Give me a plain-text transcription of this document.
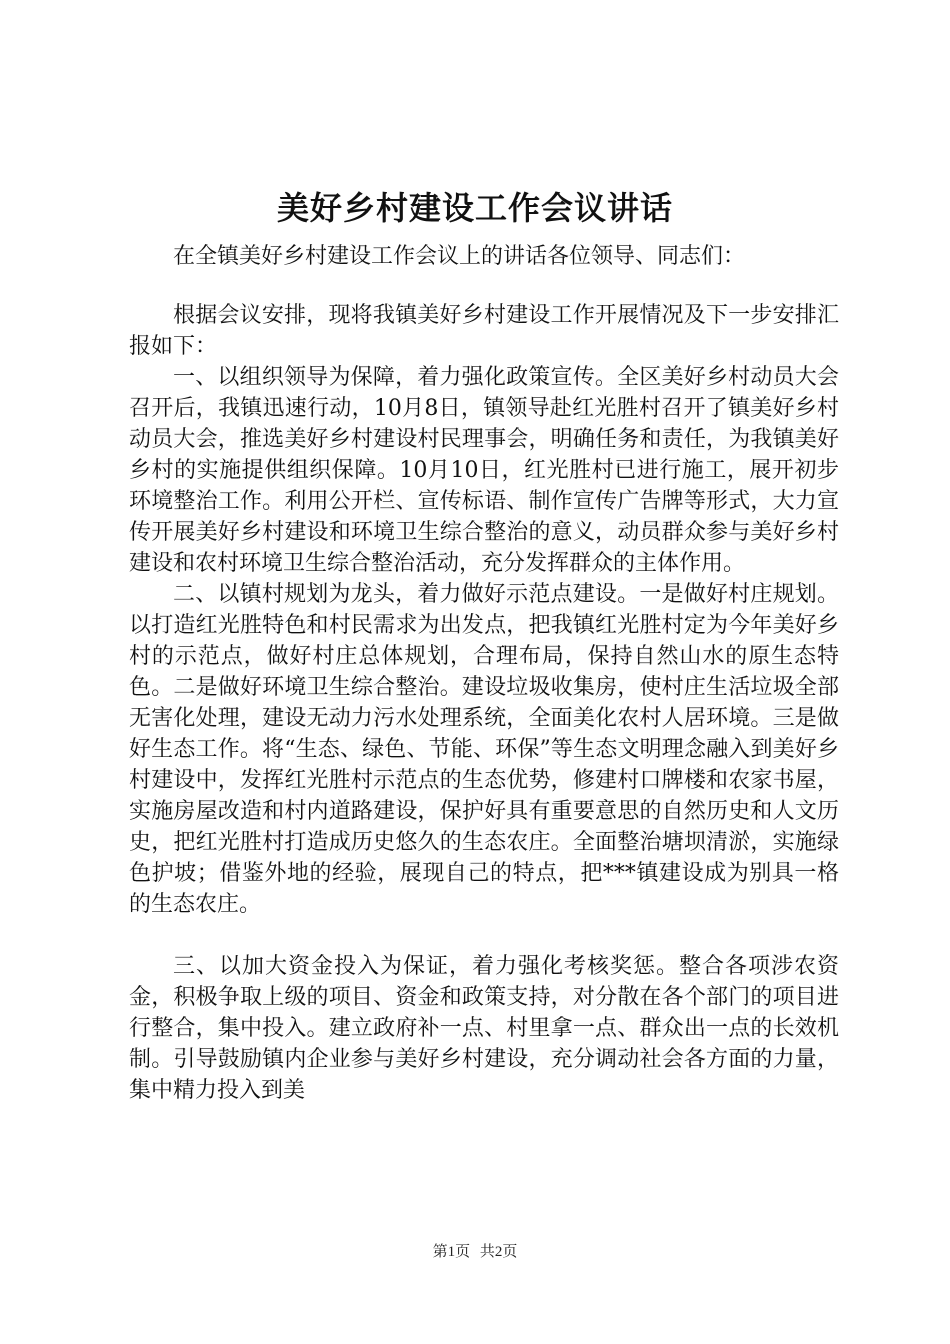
美好乡村建设工作会议讲话

在全镇美好乡村建设工作会议上的讲话各位领导、同志们：

根据会议安排，现将我镇美好乡村建设工作开展情况及下一步安排汇报如下：

一、以组织领导为保障，着力强化政策宣传。全区美好乡村动员大会召开后，我镇迅速行动，10月8日，镇领导赴红光胜村召开了镇美好乡村动员大会，推选美好乡村建设村民理事会，明确任务和责任，为我镇美好乡村的实施提供组织保障。10月10日，红光胜村已进行施工，展开初步环境整治工作。利用公开栏、宣传标语、制作宣传广告牌等形式，大力宣传开展美好乡村建设和环境卫生综合整治的意义，动员群众参与美好乡村建设和农村环境卫生综合整治活动，充分发挥群众的主体作用。

二、以镇村规划为龙头，着力做好示范点建设。一是做好村庄规划。以打造红光胜特色和村民需求为出发点，把我镇红光胜村定为今年美好乡村的示范点，做好村庄总体规划，合理布局，保持自然山水的原生态特色。二是做好环境卫生综合整治。建设垃圾收集房，使村庄生活垃圾全部无害化处理，建设无动力污水处理系统，全面美化农村人居环境。三是做好生态工作。将“生态、绿色、节能、环保”等生态文明理念融入到美好乡村建设中，发挥红光胜村示范点的生态优势，修建村口牌楼和农家书屋，实施房屋改造和村内道路建设，保护好具有重要意思的自然历史和人文历史，把红光胜村打造成历史悠久的生态农庄。全面整治塘坝清淤，实施绿色护坡；借鉴外地的经验，展现自己的特点，把***镇建设成为别具一格的生态农庄。

三、以加大资金投入为保证，着力强化考核奖惩。整合各项涉农资金，积极争取上级的项目、资金和政策支持，对分散在各个部门的项目进行整合，集中投入。建立政府补一点、村里拿一点、群众出一点的长效机制。引导鼓励镇内企业参与美好乡村建设，充分调动社会各方面的力量，集中精力投入到美

第1页 共2页
